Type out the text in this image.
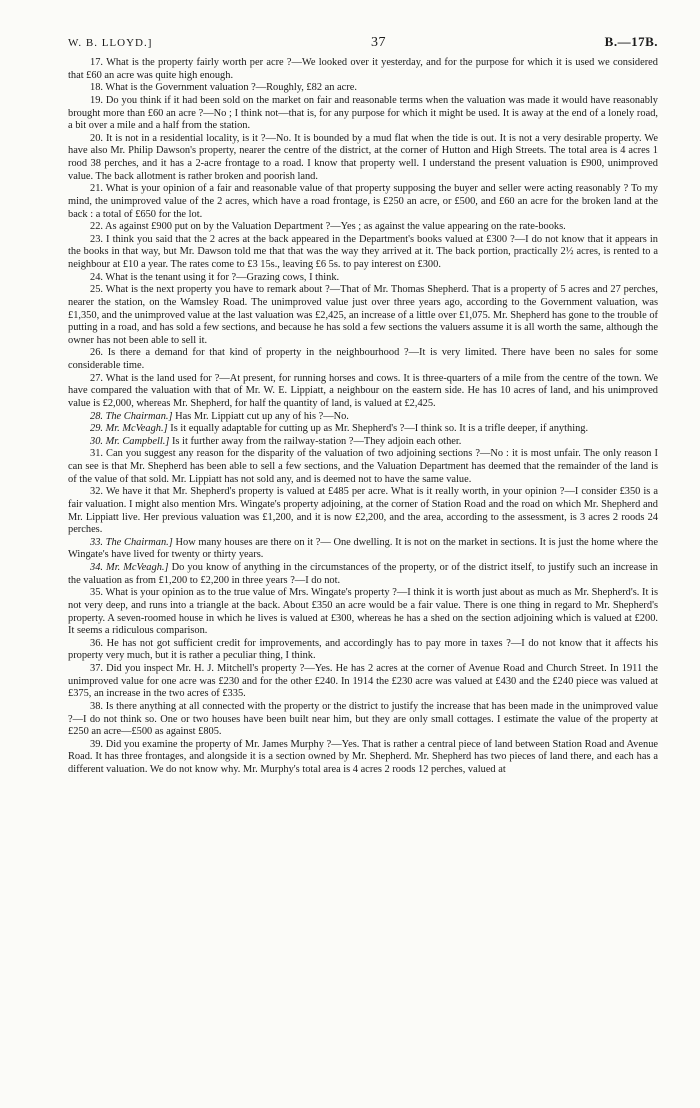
W. B. LLOYD.]	37	B.—17B.

17. What is the property fairly worth per acre ?—We looked over it yesterday, and for the purpose for which it is used we considered that £60 an acre was quite high enough.

18. What is the Government valuation ?—Roughly, £82 an acre.

19. Do you think if it had been sold on the market on fair and reasonable terms when the valuation was made it would have reasonably brought more than £60 an acre ?—No ; I think not—that is, for any purpose for which it might be used. It is away at the end of a lonely road, a bit over a mile and a half from the station.

20. It is not in a residential locality, is it ?—No. It is bounded by a mud flat when the tide is out. It is not a very desirable property. We have also Mr. Philip Dawson's property, nearer the centre of the district, at the corner of Hutton and High Streets. The total area is 4 acres 1 rood 38 perches, and it has a 2-acre frontage to a road. I know that property well. I understand the present valuation is £900, unimproved value. The back allotment is rather broken and poorish land.

21. What is your opinion of a fair and reasonable value of that property supposing the buyer and seller were acting reasonably ? To my mind, the unimproved value of the 2 acres, which have a road frontage, is £250 an acre, or £500, and £60 an acre for the broken land at the back : a total of £650 for the lot.

22. As against £900 put on by the Valuation Department ?—Yes ; as against the value appearing on the rate-books.

23. I think you said that the 2 acres at the back appeared in the Department's books valued at £300 ?—I do not know that it appears in the books in that way, but Mr. Dawson told me that that was the way they arrived at it. The back portion, practically 2½ acres, is rented to a neighbour at £10 a year. The rates come to £3 15s., leaving £6 5s. to pay interest on £300.

24. What is the tenant using it for ?—Grazing cows, I think.

25. What is the next property you have to remark about ?—That of Mr. Thomas Shepherd. That is a property of 5 acres and 27 perches, nearer the station, on the Wamsley Road. The unimproved value just over three years ago, according to the Government valuation, was £1,350, and the unimproved value at the last valuation was £2,425, an increase of a little over £1,075. Mr. Shepherd has gone to the trouble of putting in a road, and has sold a few sections, and because he has sold a few sections the valuers assume it is all worth the same, although the owner has not been able to sell it.

26. Is there a demand for that kind of property in the neighbourhood ?—It is very limited. There have been no sales for some considerable time.

27. What is the land used for ?—At present, for running horses and cows. It is three-quarters of a mile from the centre of the town. We have compared the valuation with that of Mr. W. E. Lippiatt, a neighbour on the eastern side. He has 10 acres of land, and his unimproved value is £2,000, whereas Mr. Shepherd, for half the quantity of land, is valued at £2,425.

28. The Chairman.] Has Mr. Lippiatt cut up any of his ?—No.

29. Mr. McVeagh.] Is it equally adaptable for cutting up as Mr. Shepherd's ?—I think so. It is a trifle deeper, if anything.

30. Mr. Campbell.] Is it further away from the railway-station ?—They adjoin each other.

31. Can you suggest any reason for the disparity of the valuation of two adjoining sections ?—No : it is most unfair. The only reason I can see is that Mr. Shepherd has been able to sell a few sections, and the Valuation Department has deemed that the remainder of the land is of the value of that sold. Mr. Lippiatt has not sold any, and is deemed not to have the same value.

32. We have it that Mr. Shepherd's property is valued at £485 per acre. What is it really worth, in your opinion ?—I consider £350 is a fair valuation. I might also mention Mrs. Wingate's property adjoining, at the corner of Station Road and the road on which Mr. Shepherd and Mr. Lippiatt live. Her previous valuation was £1,200, and it is now £2,200, and the area, according to the assessment, is 3 acres 2 roods 24 perches.

33. The Chairman.] How many houses are there on it ?— One dwelling. It is not on the market in sections. It is just the home where the Wingate's have lived for twenty or thirty years.

34. Mr. McVeagh.] Do you know of anything in the circumstances of the property, or of the district itself, to justify such an increase in the valuation as from £1,200 to £2,200 in three years ?—I do not.

35. What is your opinion as to the true value of Mrs. Wingate's property ?—I think it is worth just about as much as Mr. Shepherd's. It is not very deep, and runs into a triangle at the back. About £350 an acre would be a fair value. There is one thing in regard to Mr. Shepherd's property. A seven-roomed house in which he lives is valued at £300, whereas he has a shed on the section adjoining which is valued at £200. It seems a ridiculous comparison.

36. He has not got sufficient credit for improvements, and accordingly has to pay more in taxes ?—I do not know that it affects his property very much, but it is rather a peculiar thing, I think.

37. Did you inspect Mr. H. J. Mitchell's property ?—Yes. He has 2 acres at the corner of Avenue Road and Church Street. In 1911 the unimproved value for one acre was £230 and for the other £240. In 1914 the £230 acre was valued at £430 and the £240 piece was valued at £375, an increase in the two acres of £335.

38. Is there anything at all connected with the property or the district to justify the increase that has been made in the unimproved value ?—I do not think so. One or two houses have been built near him, but they are only small cottages. I estimate the value of the property at £250 an acre—£500 as against £805.

39. Did you examine the property of Mr. James Murphy ?—Yes. That is rather a central piece of land between Station Road and Avenue Road. It has three frontages, and alongside it is a section owned by Mr. Shepherd. Mr. Shepherd has two pieces of land there, and each has a different valuation. We do not know why. Mr. Murphy's total area is 4 acres 2 roods 12 perches, valued at
